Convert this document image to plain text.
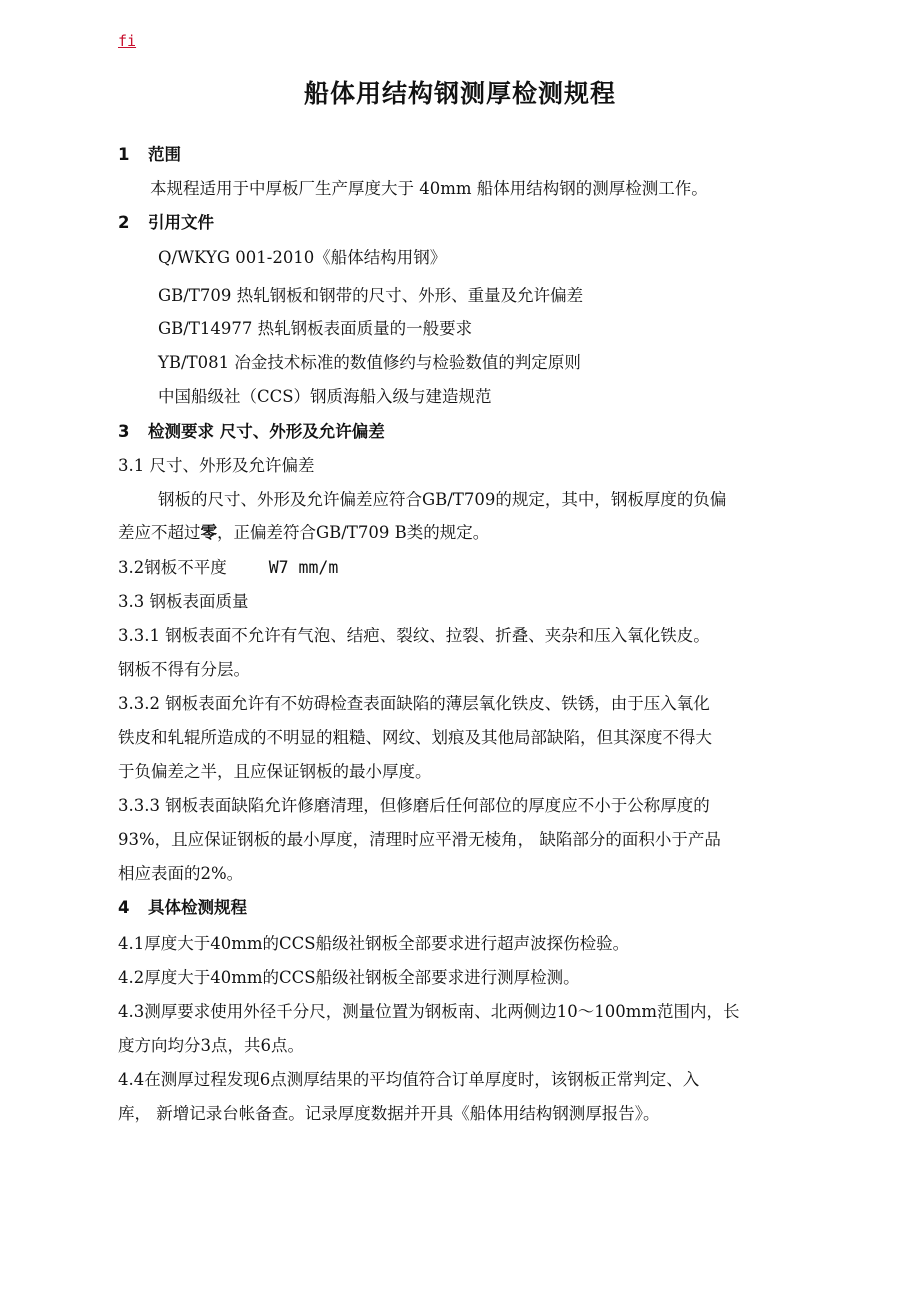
fi
船体用结构钢测厚检测规程
1 范围
本规程适用于中厚板厂生产厚度大于 40mm 船体用结构钢的测厚检测工作。
2 引用文件
Q/WKYG 001-2010《船体结构用钢》
GB/T709 热轧钢板和钢带的尺寸、外形、重量及允许偏差
GB/T14977 热轧钢板表面质量的一般要求
YB/T081 冶金技术标准的数值修约与检验数值的判定原则
中国船级社（CCS）钢质海船入级与建造规范
3 检测要求 尺寸、外形及允许偏差
3.1 尺寸、外形及允许偏差
钢板的尺寸、外形及允许偏差应符合GB/T709的规定，其中，钢板厚度的负偏
差应不超过零，正偏差符合GB/T709 B类的规定。
3.2钢板不平度	W7 mm/m
3.3 钢板表面质量
3.3.1 钢板表面不允许有气泡、结疤、裂纹、拉裂、折叠、夹杂和压入氧化铁皮。
钢板不得有分层。
3.3.2 钢板表面允许有不妨碍检查表面缺陷的薄层氧化铁皮、铁锈，由于压入氧化
铁皮和轧辊所造成的不明显的粗糙、网纹、划痕及其他局部缺陷，但其深度不得大
于负偏差之半，且应保证钢板的最小厚度。
3.3.3 钢板表面缺陷允许修磨清理，但修磨后任何部位的厚度应不小于公称厚度的
93%，且应保证钢板的最小厚度，清理时应平滑无棱角， 缺陷部分的面积小于产品
相应表面的2%。
4 具体检测规程
4.1厚度大于40mm的CCS船级社钢板全部要求进行超声波探伤检验。
4.2厚度大于40mm的CCS船级社钢板全部要求进行测厚检测。
4.3测厚要求使用外径千分尺，测量位置为钢板南、北两侧边10～100mm范围内，长
度方向均分3点，共6点。
4.4在测厚过程发现6点测厚结果的平均值符合订单厚度时，该钢板正常判定、入
库， 新增记录台帐备查。记录厚度数据并开具《船体用结构钢测厚报告》。
